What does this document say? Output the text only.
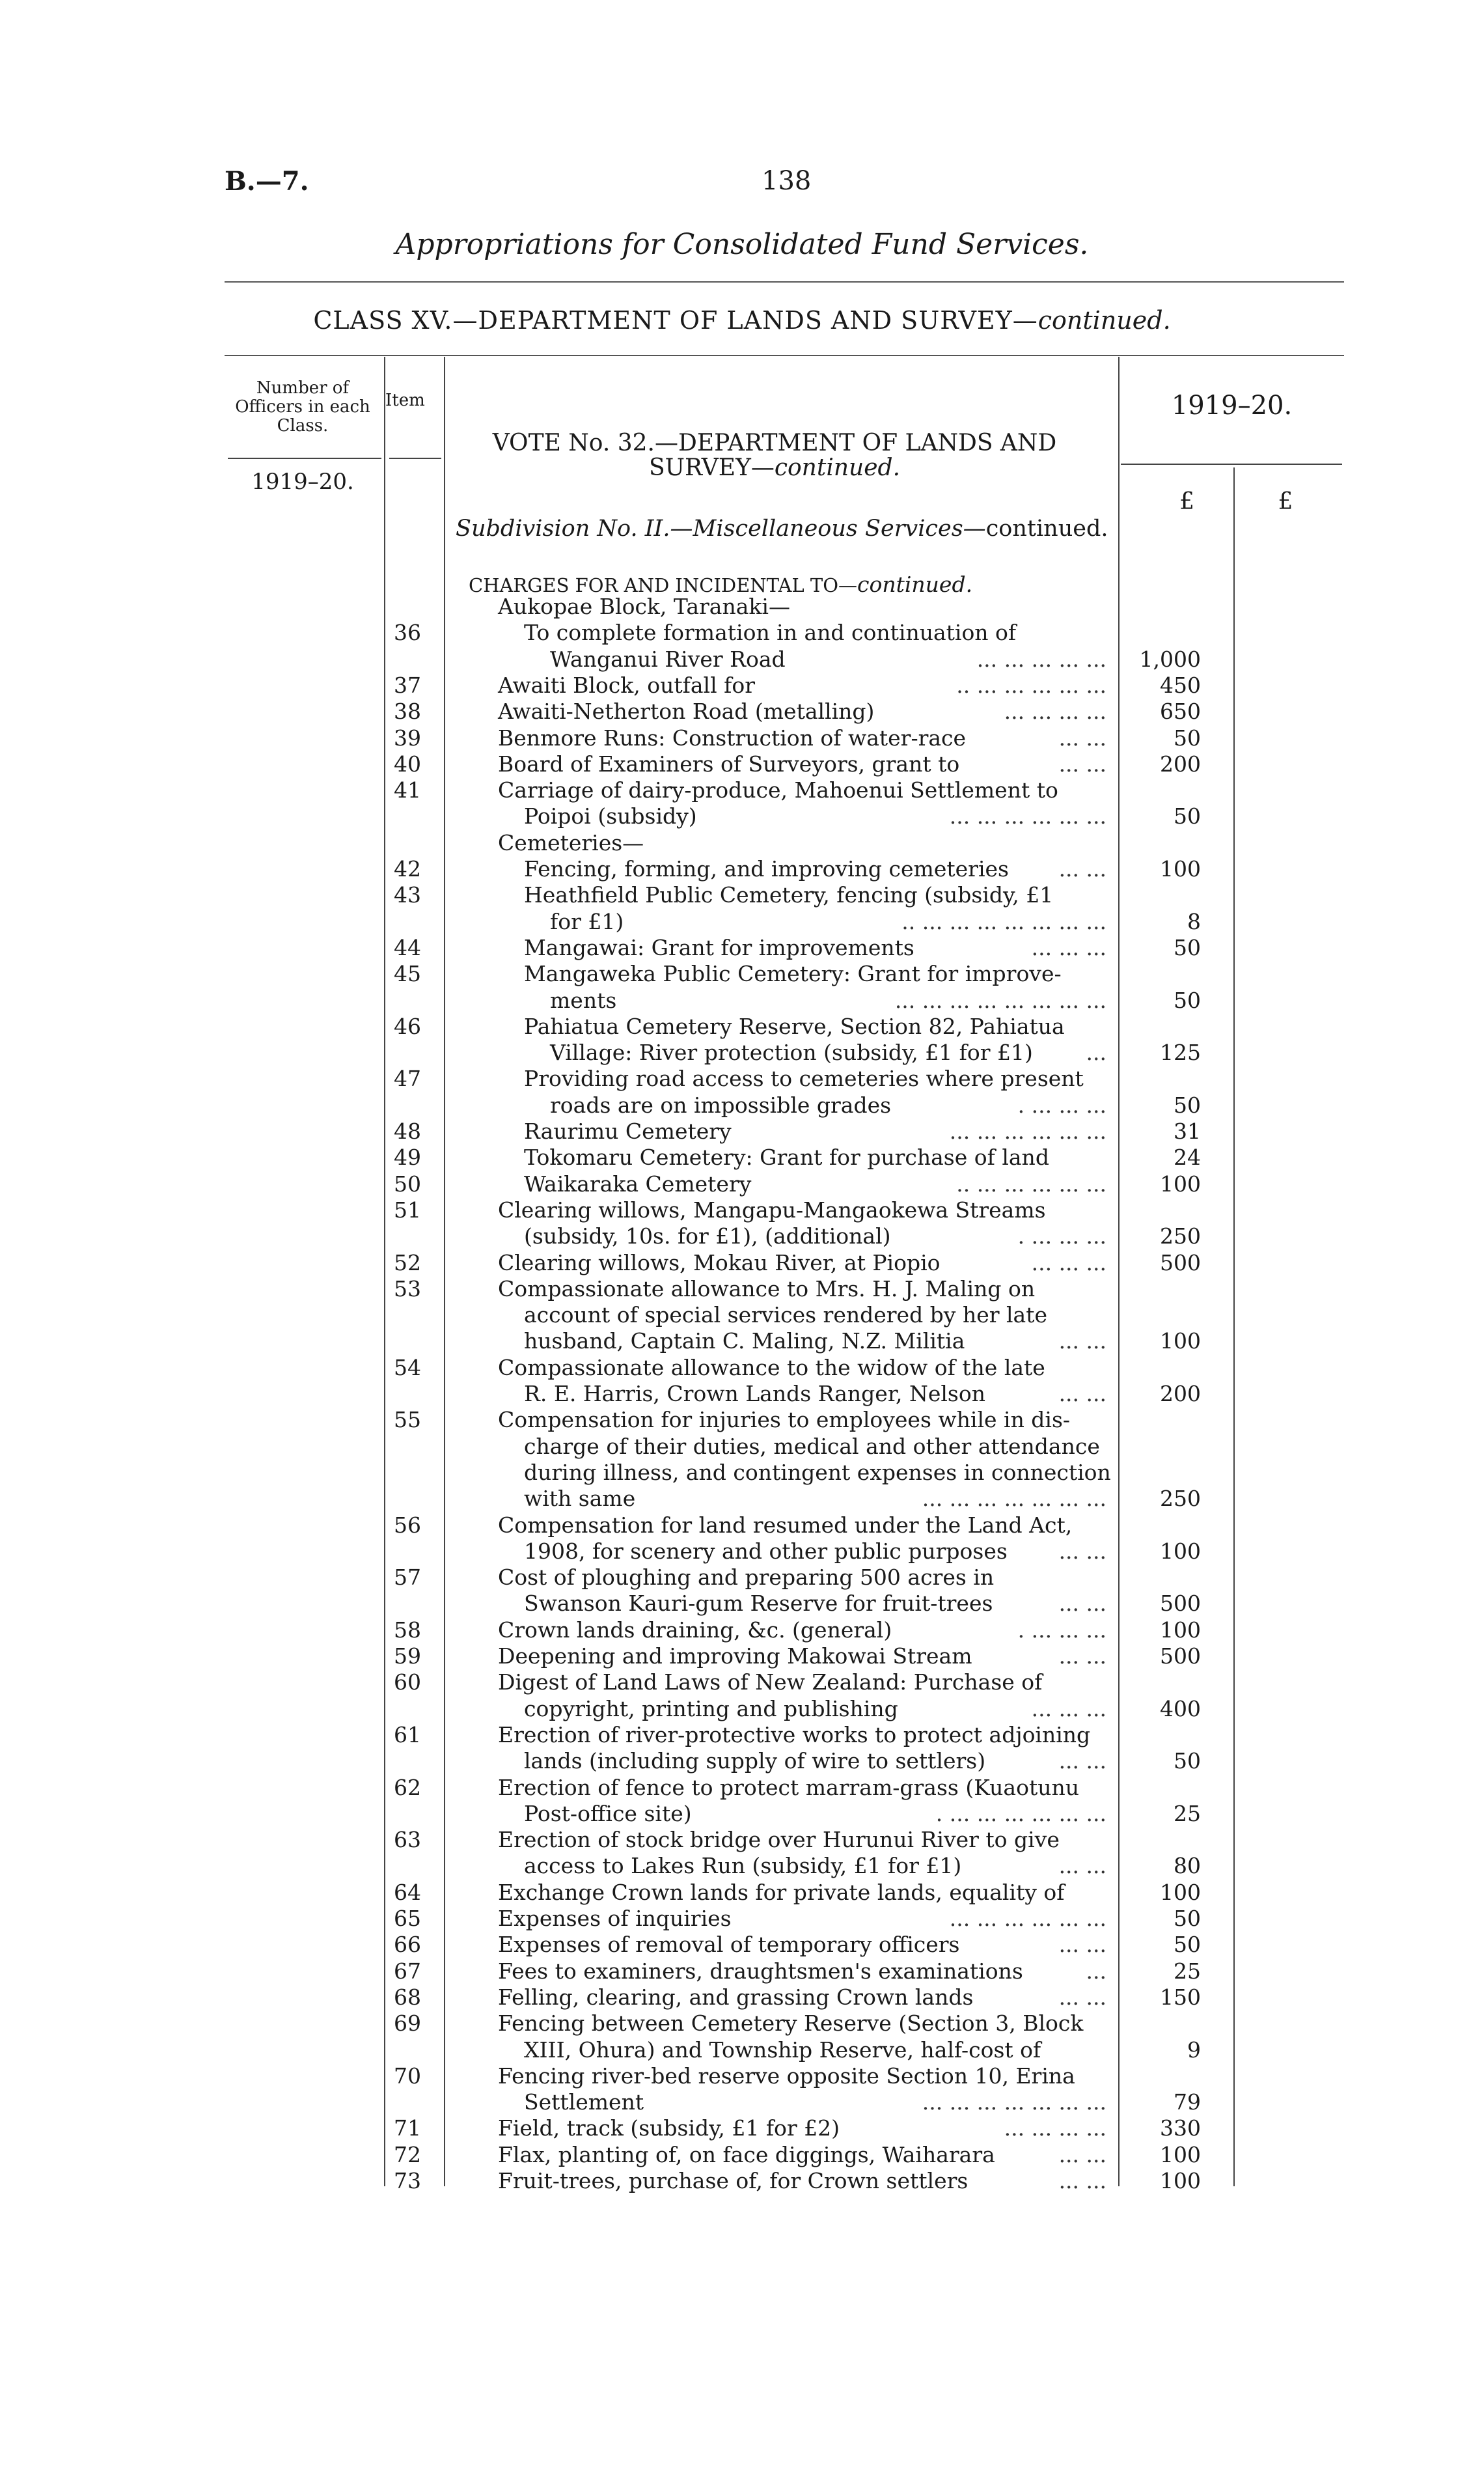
B.—7.	138
Appropriations for Consolidated Fund Services.
CLASS XV.—DEPARTMENT OF LANDS AND SURVEY—continued.
Number of Officers in each Class.
Item
1919–20.
1919–20.
£	£
VOTE No. 32.—DEPARTMENT OF LANDS AND
SURVEY—continued.
Subdivision No. II.—Miscellaneous Services—continued.
CHARGES FOR AND INCIDENTAL TO—continued.
Aukopae Block, Taranaki—
36	To complete formation in and continuation of
Wanganui River Road	... ... ... ... ...	1,000
37	Awaiti Block, outfall for	.. ... ... ... ... ...	450
38	Awaiti-Netherton Road (metalling)	... ... ... ...	650
39	Benmore Runs: Construction of water-race	... ...	50
40	Board of Examiners of Surveyors, grant to	... ...	200
41	Carriage of dairy-produce, Mahoenui Settlement to
Poipoi (subsidy)	... ... ... ... ... ...	50
Cemeteries—
42	Fencing, forming, and improving cemeteries	... ...	100
43	Heathfield Public Cemetery, fencing (subsidy, £1
for £1)	.. ... ... ... ... ... ... ...	8
44	Mangawai: Grant for improvements	... ... ...	50
45	Mangaweka Public Cemetery: Grant for improve-
ments	... ... ... ... ... ... ... ...	50
46	Pahiatua Cemetery Reserve, Section 82, Pahiatua
Village: River protection (subsidy, £1 for £1)	...	125
47	Providing road access to cemeteries where present
roads are on impossible grades	. ... ... ...	50
48	Raurimu Cemetery	... ... ... ... ... ...	31
49	Tokomaru Cemetery: Grant for purchase of land	24
50	Waikaraka Cemetery	.. ... ... ... ... ...	100
51	Clearing willows, Mangapu-Mangaokewa Streams
(subsidy, 10s. for £1), (additional)	. ... ... ...	250
52	Clearing willows, Mokau River, at Piopio	... ... ...	500
53	Compassionate allowance to Mrs. H. J. Maling on
account of special services rendered by her late
husband, Captain C. Maling, N.Z. Militia	... ...	100
54	Compassionate allowance to the widow of the late
R. E. Harris, Crown Lands Ranger, Nelson	... ...	200
55	Compensation for injuries to employees while in dis-
charge of their duties, medical and other attendance
during illness, and contingent expenses in connection
with same	... ... ... ... ... ... ...	250
56	Compensation for land resumed under the Land Act,
1908, for scenery and other public purposes	... ...	100
57	Cost of ploughing and preparing 500 acres in
Swanson Kauri-gum Reserve for fruit-trees	... ...	500
58	Crown lands draining, &c. (general)	. ... ... ...	100
59	Deepening and improving Makowai Stream	... ...	500
60	Digest of Land Laws of New Zealand: Purchase of
copyright, printing and publishing	... ... ...	400
61	Erection of river-protective works to protect adjoining
lands (including supply of wire to settlers)	... ...	50
62	Erection of fence to protect marram-grass (Kuaotunu
Post-office site)	. ... ... ... ... ... ...	25
63	Erection of stock bridge over Hurunui River to give
access to Lakes Run (subsidy, £1 for £1)	... ...	80
64	Exchange Crown lands for private lands, equality of	100
65	Expenses of inquiries	... ... ... ... ... ...	50
66	Expenses of removal of temporary officers	... ...	50
67	Fees to examiners, draughtsmen's examinations	...	25
68	Felling, clearing, and grassing Crown lands	... ...	150
69	Fencing between Cemetery Reserve (Section 3, Block
XIII, Ohura) and Township Reserve, half-cost of	9
70	Fencing river-bed reserve opposite Section 10, Erina
Settlement	... ... ... ... ... ... ...	79
71	Field, track (subsidy, £1 for £2)	... ... ... ...	330
72	Flax, planting of, on face diggings, Waiharara	... ...	100
73	Fruit-trees, purchase of, for Crown settlers	... ...	100
